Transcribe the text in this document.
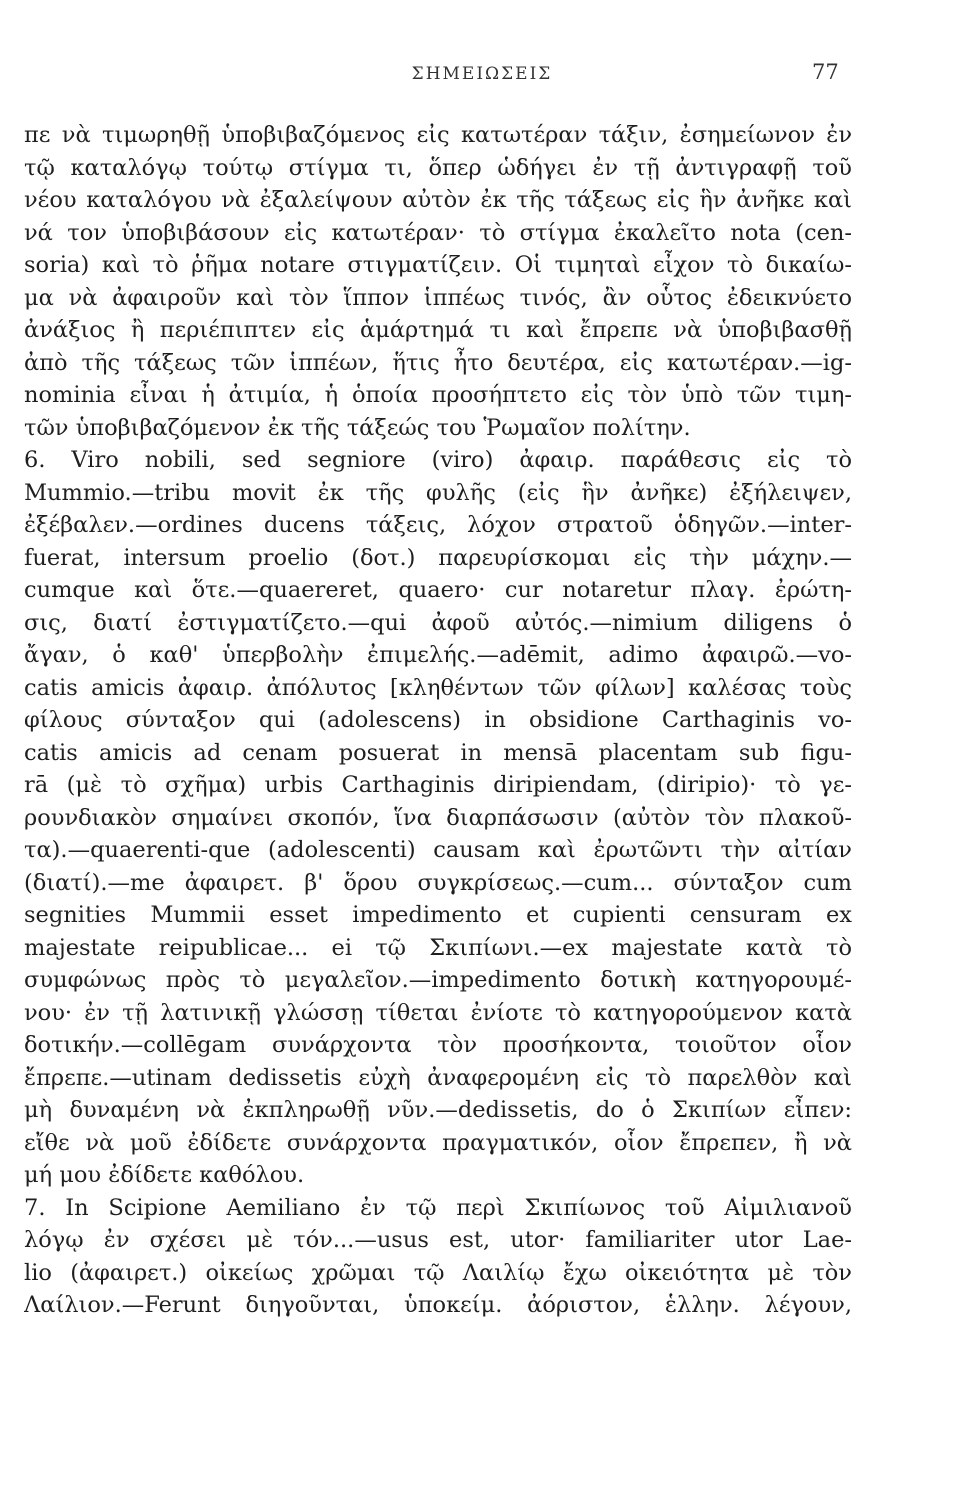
ΣΗΜΕΙΩΣΕΙΣ	77
πε νὰ τιμωρηθῇ ὑποβιβαζόμενος εἰς κατωτέραν τάξιν, ἐσημείωνον ἐν
τῷ καταλόγῳ τούτῳ στίγμα τι, ὅπερ ὡδήγει ἐν τῇ ἀντιγραφῇ τοῦ
νέου καταλόγου νὰ ἐξαλείψουν αὐτὸν ἐκ τῆς τάξεως εἰς ἣν ἀνῆκε καὶ
νά τον ὑποβιβάσουν εἰς κατωτέραν· τὸ στίγμα ἐκαλεῖτο nota (cen-
soria) καὶ τὸ ῥῆμα notare στιγματίζειν. Οἱ τιμηταὶ εἶχον τὸ δικαίω-
μα νὰ ἀφαιροῦν καὶ τὸν ἵππον ἱππέως τινός, ἂν οὗτος ἐδεικνύετο
ἀνάξιος ἢ περιέπιπτεν εἰς ἁμάρτημά τι καὶ ἔπρεπε νὰ ὑποβιβασθῇ
ἀπὸ τῆς τάξεως τῶν ἱππέων, ἥτις ἦτο δευτέρα, εἰς κατωτέραν.—ig-
nominia εἶναι ἡ ἀτιμία, ἡ ὁποία προσήπτετο εἰς τὸν ὑπὸ τῶν τιμη-
τῶν ὑποβιβαζόμενον ἐκ τῆς τάξεώς του Ῥωμαῖον πολίτην.
6. Viro nobili, sed segniore (viro) ἀφαιρ. παράθεσις εἰς τὸ
Mummio.—tribu movit ἐκ τῆς φυλῆς (εἰς ἣν ἀνῆκε) ἐξήλειψεν,
ἐξέβαλεν.—ordines ducens τάξεις, λόχον στρατοῦ ὁδηγῶν.—inter-
fuerat, intersum proelio (δοτ.) παρευρίσκομαι εἰς τὴν μάχην.—
cumque καὶ ὅτε.—quaereret, quaero· cur notaretur πλαγ. ἐρώτη-
σις, διατί ἐστιγματίζετο.—qui ἀφοῦ αὐτός.—nimium diligens ὁ
ἄγαν, ὁ καθ' ὑπερβολὴν ἐπιμελής.—adēmit, adimo ἀφαιρῶ.—vo-
catis amicis ἀφαιρ. ἀπόλυτος [κληθέντων τῶν φίλων] καλέσας τοὺς
φίλους σύνταξον qui (adolescens) in obsidione Carthaginis vo-
catis amicis ad cenam posuerat in mensā placentam sub figu-
rā (μὲ τὸ σχῆμα) urbis Carthaginis diripiendam, (diripio)· τὸ γε-
ρουνδιακὸν σημαίνει σκοπόν, ἵνα διαρπάσωσιν (αὐτὸν τὸν πλακοῦ-
τα).—quaerenti-que (adolescenti) causam καὶ ἐρωτῶντι τὴν αἰτίαν
(διατί).—me ἀφαιρετ. β' ὅρου συγκρίσεως.—cum... σύνταξον cum
segnities Mummii esset impedimento et cupienti censuram ex
majestate reipublicae... ei τῷ Σκιπίωνι.—ex majestate κατὰ τὸ
συμφώνως πρὸς τὸ μεγαλεῖον.—impedimento δοτικὴ κατηγορουμέ-
νου· ἐν τῇ λατινικῇ γλώσσῃ τίθεται ἐνίοτε τὸ κατηγορούμενον κατὰ
δοτικήν.—collēgam συνάρχοντα τὸν προσήκοντα, τοιοῦτον οἷον
ἔπρεπε.—utinam dedissetis εὐχὴ ἀναφερομένη εἰς τὸ παρελθὸν καὶ
μὴ δυναμένη νὰ ἐκπληρωθῇ νῦν.—dedissetis, do ὁ Σκιπίων εἶπεν:
εἴθε νὰ μοῦ ἐδίδετε συνάρχοντα πραγματικόν, οἷον ἔπρεπεν, ἢ νὰ
μή μου ἐδίδετε καθόλου.
7. In Scipione Aemiliano ἐν τῷ περὶ Σκιπίωνος τοῦ Αἰμιλιανοῦ
λόγῳ ἐν σχέσει μὲ τόν...—usus est, utor· familiariter utor Lae-
lio (ἀφαιρετ.) οἰκείως χρῶμαι τῷ Λαιλίῳ ἔχω οἰκειότητα μὲ τὸν
Λαίλιον.—Ferunt διηγοῦνται, ὑποκείμ. ἀόριστον, ἑλλην. λέγουν,
